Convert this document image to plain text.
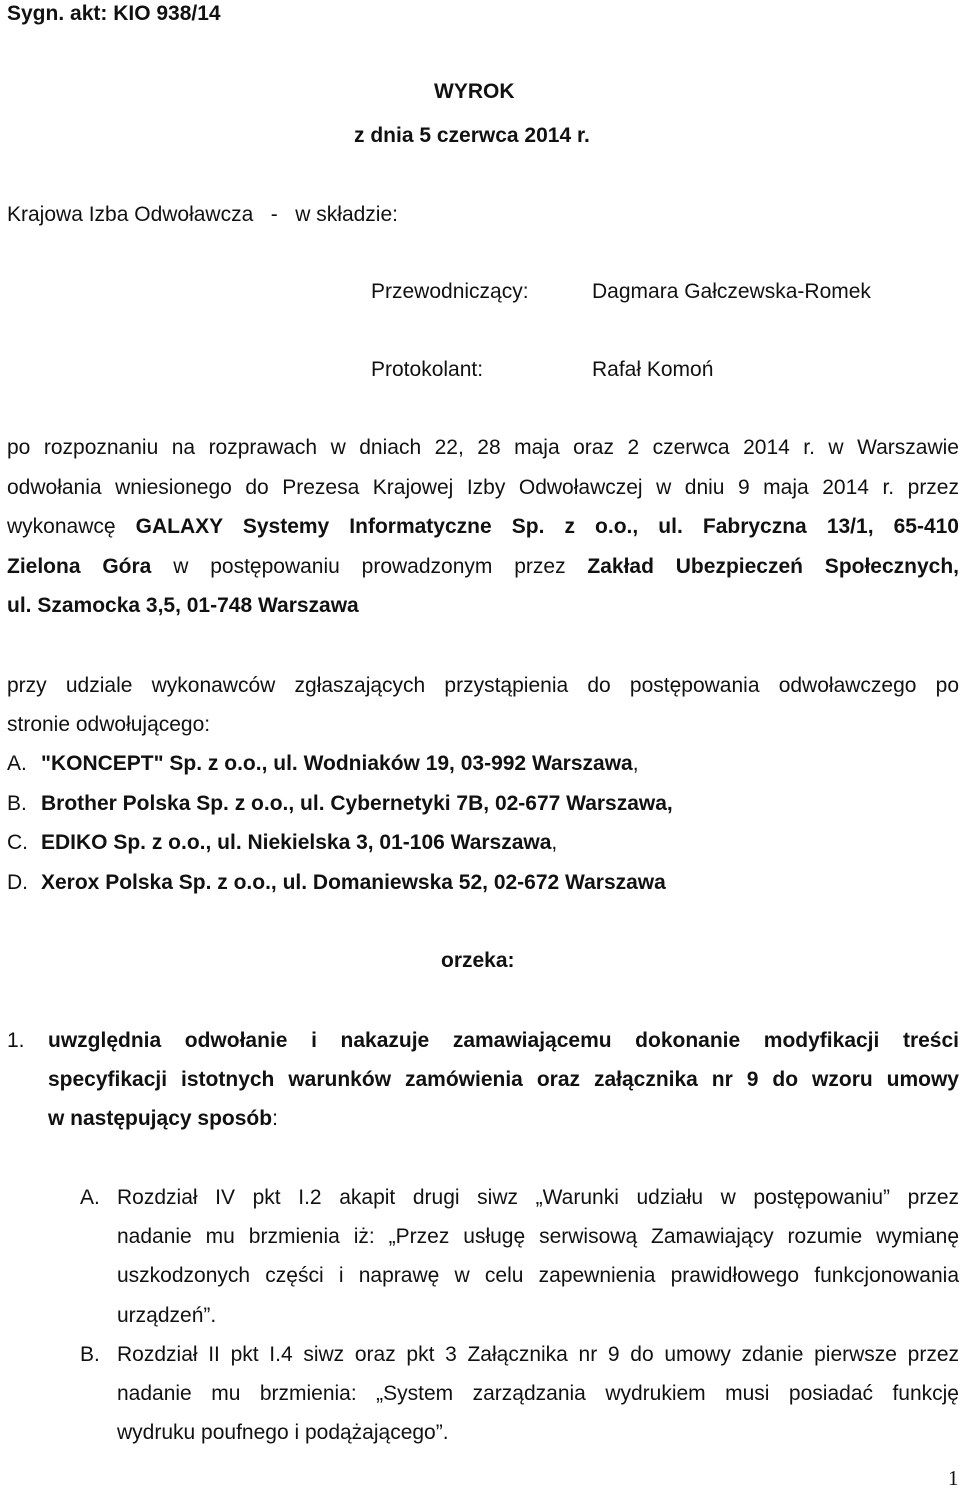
Sygn. akt: KIO 938/14
WYROK
z dnia 5 czerwca 2014 r.
Krajowa Izba Odwoławcza   -   w składzie:
Przewodniczący:	Dagmara Gałczewska-Romek
Protokolant:	Rafał Komoń
po rozpoznaniu na rozprawach w dniach 22, 28 maja oraz 2 czerwca 2014 r. w Warszawie
odwołania wniesionego do Prezesa Krajowej Izby Odwoławczej w dniu 9 maja 2014 r. przez
wykonawcę GALAXY Systemy Informatyczne Sp. z o.o., ul. Fabryczna 13/1, 65-410
Zielona Góra w postępowaniu prowadzonym przez Zakład Ubezpieczeń Społecznych,
ul. Szamocka 3,5, 01-748 Warszawa
przy udziale wykonawców zgłaszających przystąpienia do postępowania odwoławczego po
stronie odwołującego:
A. "KONCEPT" Sp. z o.o., ul. Wodniaków 19, 03-992 Warszawa,
B. Brother Polska Sp. z o.o., ul. Cybernetyki 7B, 02-677 Warszawa,
C. EDIKO Sp. z o.o., ul. Niekielska 3, 01-106 Warszawa,
D. Xerox Polska Sp. z o.o., ul. Domaniewska 52, 02-672 Warszawa
orzeka:
1. uwzględnia odwołanie i nakazuje zamawiającemu dokonanie modyfikacji treści
specyfikacji istotnych warunków zamówienia oraz załącznika nr 9 do wzoru umowy
w następujący sposób:
A. Rozdział IV pkt I.2 akapit drugi siwz „Warunki udziału w postępowaniu” przez
nadanie mu brzmienia iż: „Przez usługę serwisową Zamawiający rozumie wymianę
uszkodzonych części i naprawę w celu zapewnienia prawidłowego funkcjonowania
urządzeń”.
B. Rozdział II pkt I.4 siwz oraz pkt 3 Załącznika nr 9 do umowy zdanie pierwsze przez
nadanie mu brzmienia: „System zarządzania wydrukiem musi posiadać funkcję
wydruku poufnego i podążającego”.
1
